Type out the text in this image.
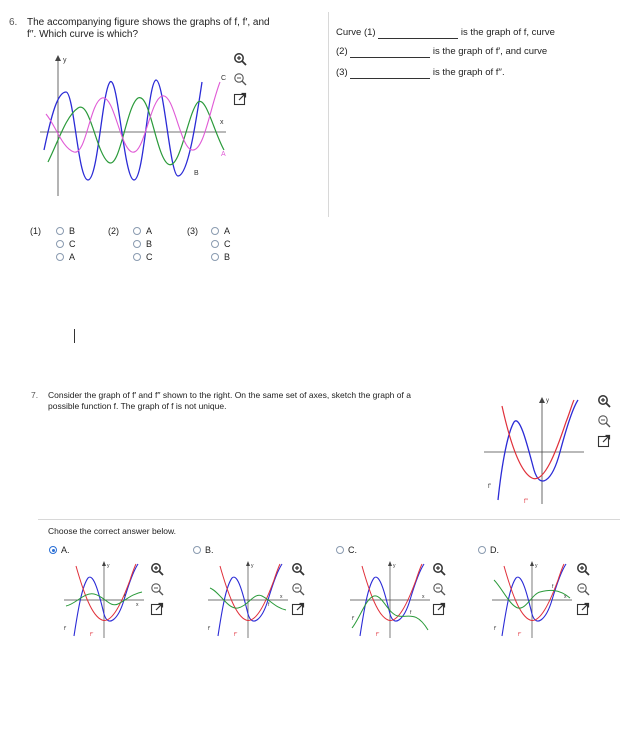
6. The accompanying figure shows the graphs of f, f′, and
f′′. Which curve is which?
y
x
C
A
B
(1)	B
C
A
(2)	A
B
C
(3)	A
C
B
Curve (1)	is the graph of f, curve
(2)	is the graph of f′, and curve
(3)	is the graph of f′′.
7. Consider the graph of f′ and f′′ shown to the right. On the same set of axes, sketch the graph of a
possible function f. The graph of f is not unique.	y
f′
f′′
Choose the correct answer below.
A.	B.	C.	D.
y
f
x
f′
f′′
y
f
x
f′
f′′
y
x
f
f′
f′′
y
x
f
f′
f′′
